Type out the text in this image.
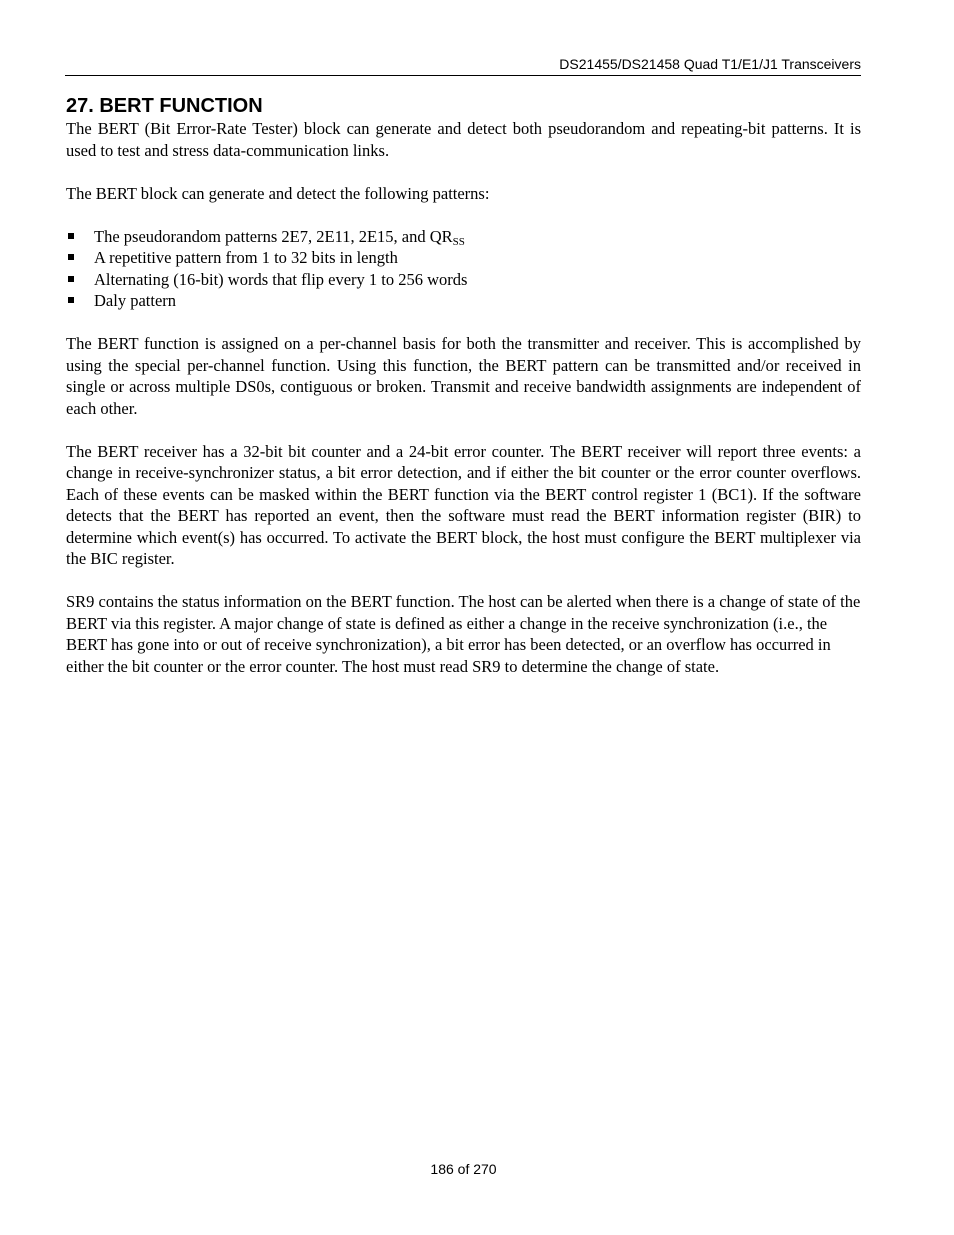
DS21455/DS21458 Quad T1/E1/J1 Transceivers
27. BERT FUNCTION

The BERT (Bit Error-Rate Tester) block can generate and detect both pseudorandom and repeating-bit patterns. It is used to test and stress data-communication links.

The BERT block can generate and detect the following patterns:

The pseudorandom patterns 2E7, 2E11, 2E15, and $QR_{SS}$
A repetitive pattern from 1 to 32 bits in length
Alternating (16-bit) words that flip every 1 to 256 words
Daly pattern

The BERT function is assigned on a per-channel basis for both the transmitter and receiver. This is accomplished by using the special per-channel function. Using this function, the BERT pattern can be transmitted and/or received in single or across multiple DS0s, contiguous or broken. Transmit and receive bandwidth assignments are independent of each other.

The BERT receiver has a 32-bit bit counter and a 24-bit error counter. The BERT receiver will report three events: a change in receive-synchronizer status, a bit error detection, and if either the bit counter or the error counter overflows. Each of these events can be masked within the BERT function via the BERT control register 1 (BC1). If the software detects that the BERT has reported an event, then the software must read the BERT information register (BIR) to determine which event(s) has occurred. To activate the BERT block, the host must configure the BERT multiplexer via the BIC register.

SR9 contains the status information on the BERT function. The host can be alerted when there is a change of state of the BERT via this register. A major change of state is defined as either a change in the receive synchronization (i.e., the BERT has gone into or out of receive synchronization), a bit error has been detected, or an overflow has occurred in either the bit counter or the error counter. The host must read SR9 to determine the change of state.

186 of 270
